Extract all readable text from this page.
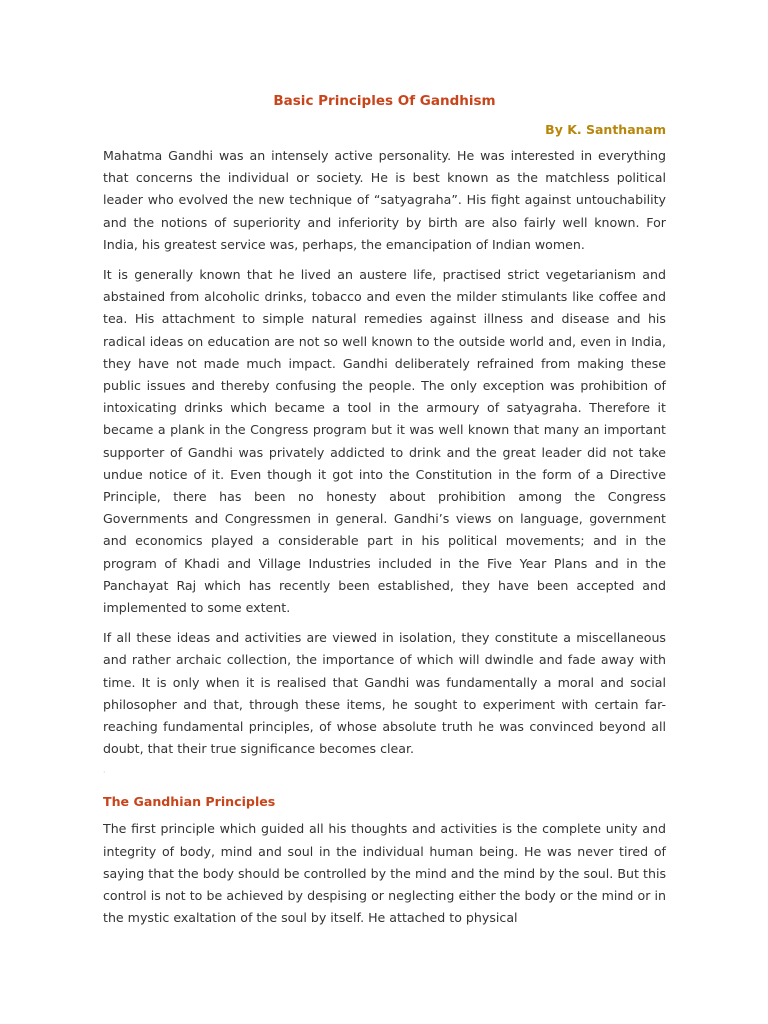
Basic Principles Of Gandhism
By K. Santhanam

Mahatma Gandhi was an intensely active personality. He was interested in everything that concerns the individual or society. He is best known as the matchless political leader who evolved the new technique of “satyagraha”. His fight against untouchability and the notions of superiority and inferiority by birth are also fairly well known. For India, his greatest service was, perhaps, the emancipation of Indian women.

It is generally known that he lived an austere life, practised strict vegetarianism and abstained from alcoholic drinks, tobacco and even the milder stimulants like coffee and tea. His attachment to simple natural remedies against illness and disease and his radical ideas on education are not so well known to the outside world and, even in India, they have not made much impact. Gandhi deliberately refrained from making these public issues and thereby confusing the people. The only exception was prohibition of intoxicating drinks which became a tool in the armoury of satyagraha. Therefore it became a plank in the Congress program but it was well known that many an important supporter of Gandhi was privately addicted to drink and the great leader did not take undue notice of it. Even though it got into the Constitution in the form of a Directive Principle, there has been no honesty about prohibition among the Congress Governments and Congressmen in general. Gandhi’s views on language, government and economics played a considerable part in his political movements; and in the program of Khadi and Village Industries included in the Five Year Plans and in the Panchayat Raj which has recently been established, they have been accepted and implemented to some extent.

If all these ideas and activities are viewed in isolation, they constitute a miscellaneous and rather archaic collection, the importance of which will dwindle and fade away with time. It is only when it is realised that Gandhi was fundamentally a moral and social philosopher and that, through these items, he sought to experiment with certain far-reaching fundamental principles, of whose absolute truth he was convinced beyond all doubt, that their true significance becomes clear.

·
The Gandhian Principles

The first principle which guided all his thoughts and activities is the complete unity and integrity of body, mind and soul in the individual human being. He was never tired of saying that the body should be controlled by the mind and the mind by the soul. But this control is not to be achieved by despising or neglecting either the body or the mind or in the mystic exaltation of the soul by itself. He attached to physical
